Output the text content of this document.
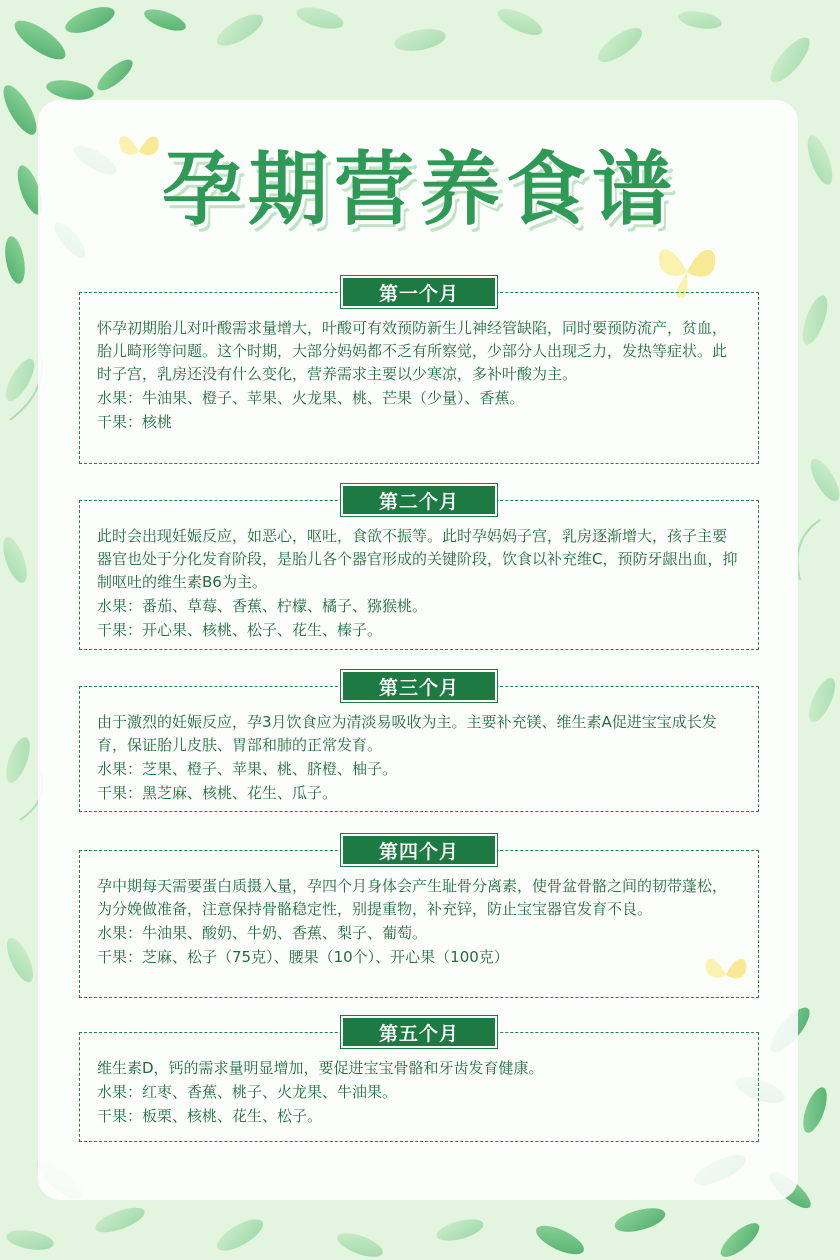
孕期营养食谱
第一个月

怀孕初期胎儿对叶酸需求量增大，叶酸可有效预防新生儿神经管缺陷，同时要预防流产，贫血，胎儿畸形等问题。这个时期，大部分妈妈都不乏有所察觉，少部分人出现乏力，发热等症状。此时子宫，乳房还没有什么变化，营养需求主要以少寒凉，多补叶酸为主。

水果：牛油果、橙子、苹果、火龙果、桃、芒果（少量）、香蕉。

干果：核桃

第二个月

此时会出现妊娠反应，如恶心，呕吐，食欲不振等。此时孕妈妈子宫，乳房逐渐增大，孩子主要器官也处于分化发育阶段，是胎儿各个器官形成的关键阶段，饮食以补充维C，预防牙龈出血，抑制呕吐的维生素B6为主。

水果：番茄、草莓、香蕉、柠檬、橘子、猕猴桃。

干果：开心果、核桃、松子、花生、榛子。

第三个月

由于激烈的妊娠反应，孕3月饮食应为清淡易吸收为主。主要补充镁、维生素A促进宝宝成长发育，保证胎儿皮肤、胃部和肺的正常发育。

水果：芝果、橙子、苹果、桃、脐橙、柚子。

干果：黑芝麻、核桃、花生、瓜子。

第四个月

孕中期每天需要蛋白质摄入量，孕四个月身体会产生耻骨分离素，使骨盆骨骼之间的韧带蓬松，为分娩做准备，注意保持骨骼稳定性，别提重物，补充锌，防止宝宝器官发育不良。

水果：牛油果、酸奶、牛奶、香蕉、梨子、葡萄。

干果：芝麻、松子（75克）、腰果（10个）、开心果（100克）

第五个月

维生素D，钙的需求量明显增加，要促进宝宝骨骼和牙齿发育健康。

水果：红枣、香蕉、桃子、火龙果、牛油果。

干果：板栗、核桃、花生、松子。
